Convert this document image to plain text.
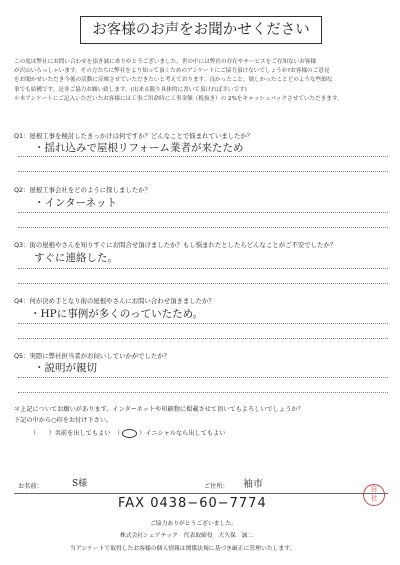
お客様のお声をお聞かせください
この度は弊社にお問い合わせを頂き誠にありがとうございました。世の中には弊社の存在やサービスをご存知ないお客様
が沢山いらっしゃいます。その方たちに弊社をより知って頂くためのアンケートにご協力頂けないでしょうか?お客様のご意見
をお聞かせいただき今後の活動に反映させていただきたいと考えております。良かったこと、嬉しかったことどのような些細な
事でも結構です。是非ご協力お願い致します。(出来る限り具体的に書いて頂ければ幸いです)
＊本アンケートにご記入いただいたお客様には工事ご用命時に工事金額（税抜き）の 2%をキャッシュバックさせていただきます。
Q1：屋根工事を検討したきっかけは何ですか？どんなことで悩まれていましたか？
・揺れ込みで屋根リフォーム業者が来たため
Q2：屋根工事会社をどのように探しましたか？
・インターネット
Q3：街の屋根やさんを知りすぐにお問合せ頂けましたか？もし悩まれたとしたらどんなことがご不安でしたか？
すぐに連絡した。
Q4：何が決め手となり街の屋根やさんにお問い合わせ頂きましたか？
・HPに事例が多くのっていたため。
Q5：実際に弊社担当者がお伺いしていかがでしたか？
・説明が親切
＊上記についてお願いがあります。インターネットや印刷物に掲載させて頂いてもよろしいでしょうか？
下記の中から○印をお付け下さい。
（　　）名前を出してもよい （ ○ ）イニシャルなら出してもよい
お名前：	S様	ご住所： 袖市
FAX 0438−60−7774
自
社
ご協力ありがとうございました。
株式会社シェアテック　代表取締役　大久保　誠二
当アンケートで取得したお客様の個人情報は関係法規に基づき厳正に管理いたします。
